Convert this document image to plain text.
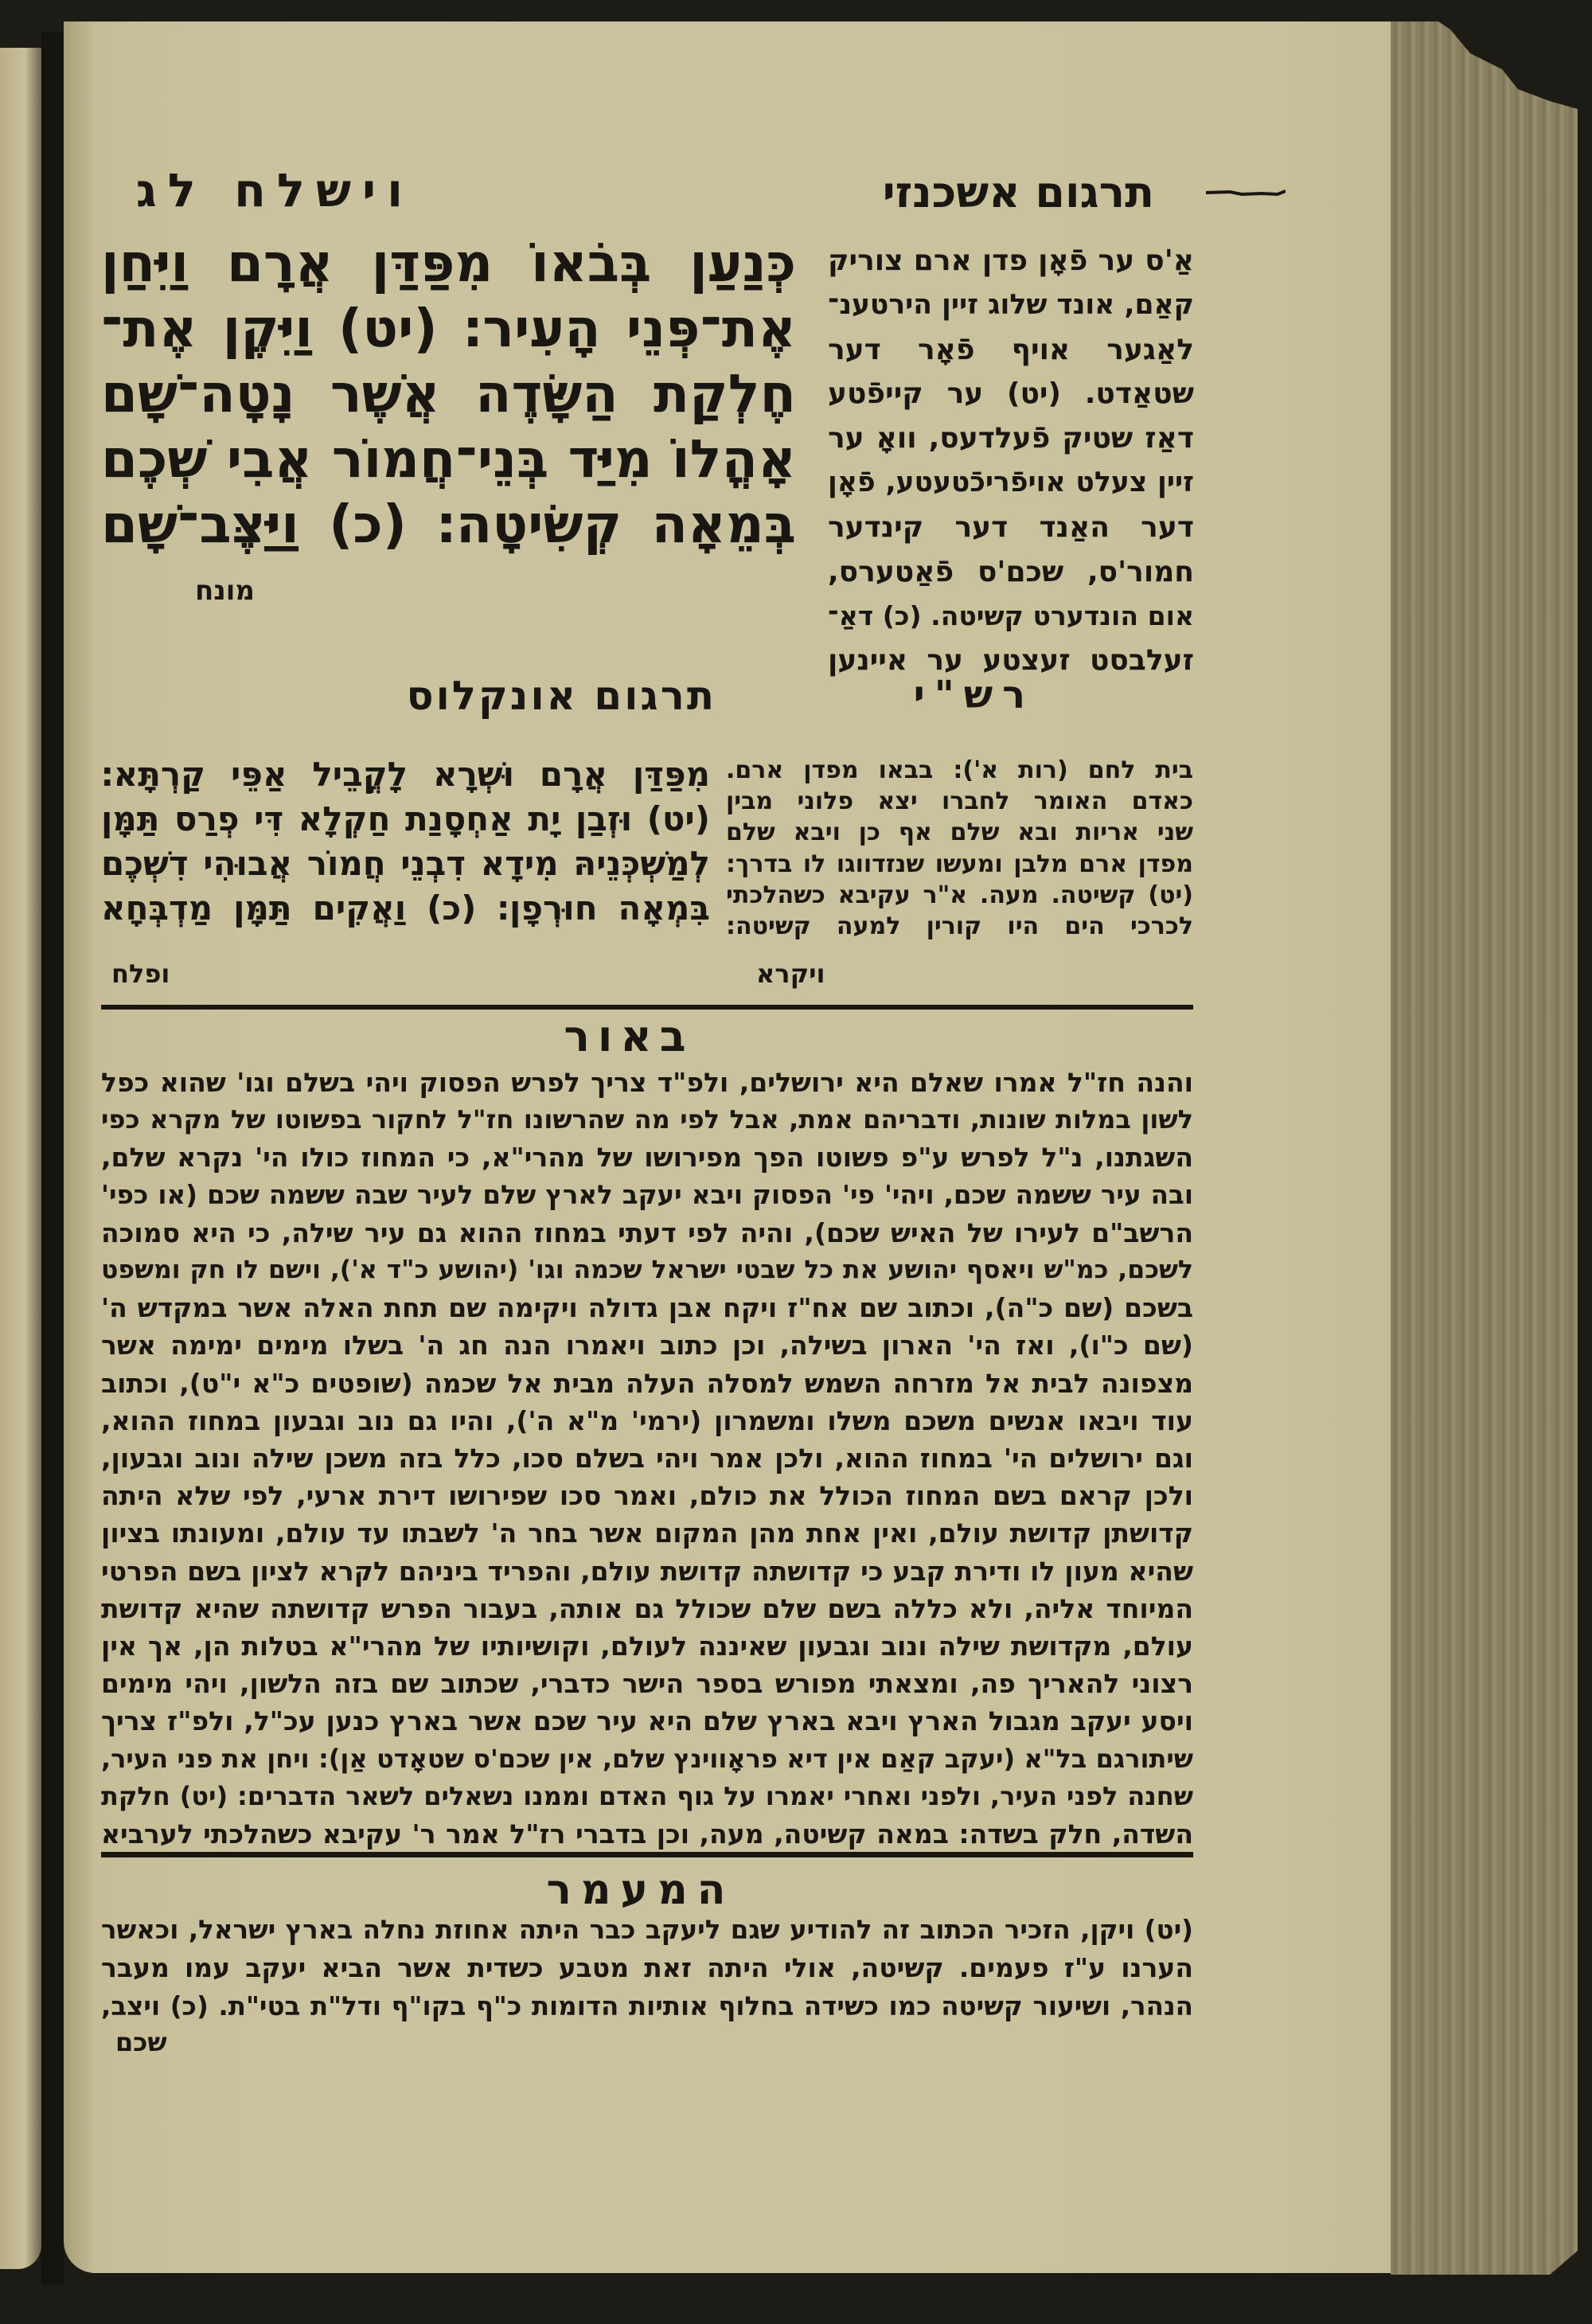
וישלח לג	תרגום אשכנזי
כְּנַעַן בְּבֹאוֹ מִפַּדַּן אֲרָם וַיִּחַן
אֶת־פְּנֵי הָעִיר׃ (יט) וַיִּקֶן אֶת־
חֶלְקַת הַשָּׂדֶה אֲשֶׁר נָטָה־שָׁם
אָהֳלוֹ מִיַּד בְּנֵי־חֲמוֹר אֲבִי שְׁכֶם
בְּמֵאָה קְשִׂיטָה׃ (כ) וַיַּצֶּב־שָׁם
מונח
אַ'ס ער פֿאָן פדן ארם צוריק
קאַם, אונד שלוג זיין הירטענ־
לאַגער אויף פֿאָר דער
שטאַדט. (יט) ער קייפֿטע
דאַז שטיק פֿעלדעס, וואָ ער
זיין צעלט אויפֿריכֿטעטע, פֿאָן
דער האַנד דער קינדער
חמור'ס, שכם'ס פֿאַטערס,
אום הונדערט קשיטה. (כ) דאַ־
זעלבסט זעצטע ער איינען
תרגום אונקלוס	רש"י
מִפַּדַּן אֲרָם וּשְׁרָא לָקֳבֵיל אַפֵּי קַרְתָּא׃
(יט) וּזְבַן יָת אַחְסָנַת חַקְלָא דִּי פְרַס תַּמָּן
לְמַשְׁכְּנֵיהּ מִידָא דִבְנֵי חֲמוֹר אֲבוּהִי דִשְׁכֶם
בִּמְאָה חוּרְפָן׃ (כ) וַאֲקִים תַּמָּן מַדְבְּחָא
ופלח
בית לחם (רות א'): בבאו מפדן ארם.
כאדם האומר לחברו יצא פלוני מבין
שני אריות ובא שלם אף כן ויבא שלם
מפדן ארם מלבן ומעשו שנזדווגו לו בדרך:
(יט) קשיטה. מעה. א"ר עקיבא כשהלכתי
לכרכי הים היו קורין למעה קשיטה:
ויקרא
באור
והנה חז"ל אמרו שאלם היא ירושלים, ולפ"ד צריך לפרש הפסוק ויהי בשלם וגו' שהוא כפל
לשון במלות שונות, ודבריהם אמת, אבל לפי מה שהרשונו חז"ל לחקור בפשוטו של מקרא כפי
השגתנו, נ"ל לפרש ע"פ פשוטו הפך מפירושו של מהרי"א, כי המחוז כולו הי' נקרא שלם,
ובה עיר ששמה שכם, ויהי' פי' הפסוק ויבא יעקב לארץ שלם לעיר שבה ששמה שכם (או כפי'
הרשב"ם לעירו של האיש שכם), והיה לפי דעתי במחוז ההוא גם עיר שילה, כי היא סמוכה
לשכם, כמ"ש ויאסף יהושע את כל שבטי ישראל שכמה וגו' (יהושע כ"ד א'), וישם לו חק ומשפט
בשכם (שם כ"ה), וכתוב שם אח"ז ויקח אבן גדולה ויקימה שם תחת האלה אשר במקדש ה'
(שם כ"ו), ואז הי' הארון בשילה, וכן כתוב ויאמרו הנה חג ה' בשלו מימים ימימה אשר
מצפונה לבית אל מזרחה השמש למסלה העלה מבית אל שכמה (שופטים כ"א י"ט), וכתוב
עוד ויבאו אנשים משכם משלו ומשמרון (ירמי' מ"א ה'), והיו גם נוב וגבעון במחוז ההוא,
וגם ירושלים הי' במחוז ההוא, ולכן אמר ויהי בשלם סכו, כלל בזה משכן שילה ונוב וגבעון,
ולכן קראם בשם המחוז הכולל את כולם, ואמר סכו שפירושו דירת ארעי, לפי שלא היתה
קדושתן קדושת עולם, ואין אחת מהן המקום אשר בחר ה' לשבתו עד עולם, ומעונתו בציון
שהיא מעון לו ודירת קבע כי קדושתה קדושת עולם, והפריד ביניהם לקרא לציון בשם הפרטי
המיוחד אליה, ולא כללה בשם שלם שכולל גם אותה, בעבור הפרש קדושתה שהיא קדושת
עולם, מקדושת שילה ונוב וגבעון שאיננה לעולם, וקושיותיו של מהרי"א בטלות הן, אך אין
רצוני להאריך פה, ומצאתי מפורש בספר הישר כדברי, שכתוב שם בזה הלשון, ויהי מימים
ויסע יעקב מגבול הארץ ויבא בארץ שלם היא עיר שכם אשר בארץ כנען עכ"ל, ולפ"ז צריך
שיתורגם בל"א (יעקב קאַם אין דיא פראָווינץ שלם, אין שכם'ס שטאָדט אַן): ויחן את פני העיר,
שחנה לפני העיר, ולפני ואחרי יאמרו על גוף האדם וממנו נשאלים לשאר הדברים: (יט) חלקת
השדה, חלק בשדה: במאה קשיטה, מעה, וכן בדברי רז"ל אמר ר' עקיבא כשהלכתי לערביא
המעמר
(יט) ויקן, הזכיר הכתוב זה להודיע שגם ליעקב כבר היתה אחוזת נחלה בארץ ישראל, וכאשר
הערנו ע"ז פעמים. קשיטה, אולי היתה זאת מטבע כשדית אשר הביא יעקב עמו מעבר
הנהר, ושיעור קשיטה כמו כשידה בחלוף אותיות הדומות כ"ף בקו"ף ודל"ת בטי"ת. (כ) ויצב,
שכם
